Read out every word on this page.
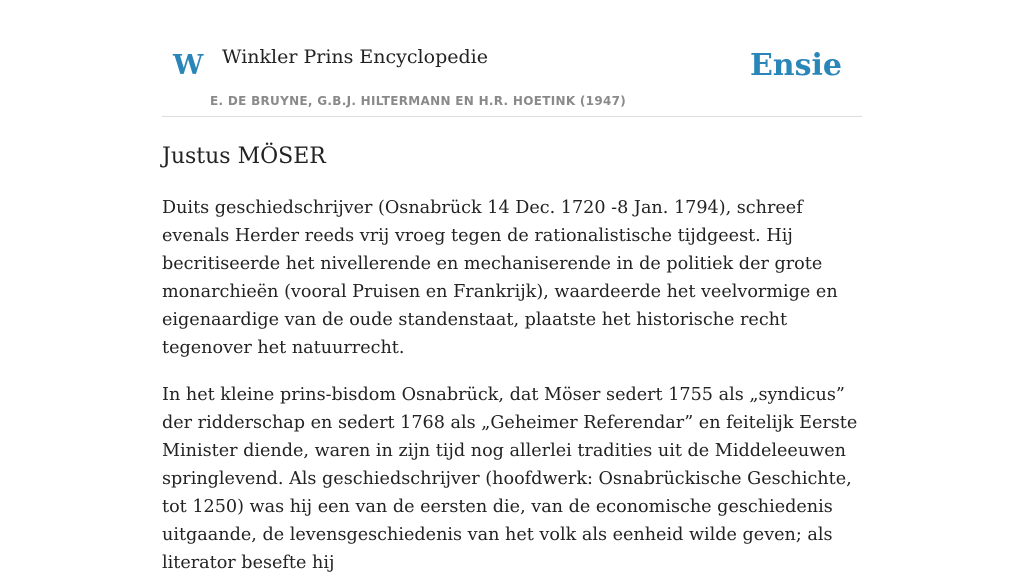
W Winkler Prins Encyclopedie
E. DE BRUYNE, G.B.J. HILTERMANN EN H.R. HOETINK (1947)
Ensie
Justus MÖSER

Duits geschiedschrijver (Osnabrück 14 Dec. 1720 -8 Jan. 1794), schreef evenals Herder reeds vrij vroeg tegen de rationalistische tijdgeest. Hij becritiseerde het nivellerende en mechaniserende in de politiek der grote monarchieën (vooral Pruisen en Frankrijk), waardeerde het veelvormige en eigenaardige van de oude standenstaat, plaatste het historische recht tegenover het natuurrecht.

In het kleine prins-bisdom Osnabrück, dat Möser sedert 1755 als „syndicus” der ridderschap en sedert 1768 als „Geheimer Referendar” en feitelijk Eerste Minister diende, waren in zijn tijd nog allerlei tradities uit de Middeleeuwen springlevend. Als geschiedschrijver (hoofdwerk: Osnabrückische Geschichte, tot 1250) was hij een van de eersten die, van de economische geschiedenis uitgaande, de levensgeschiedenis van het volk als eenheid wilde geven; als literator besefte hij
